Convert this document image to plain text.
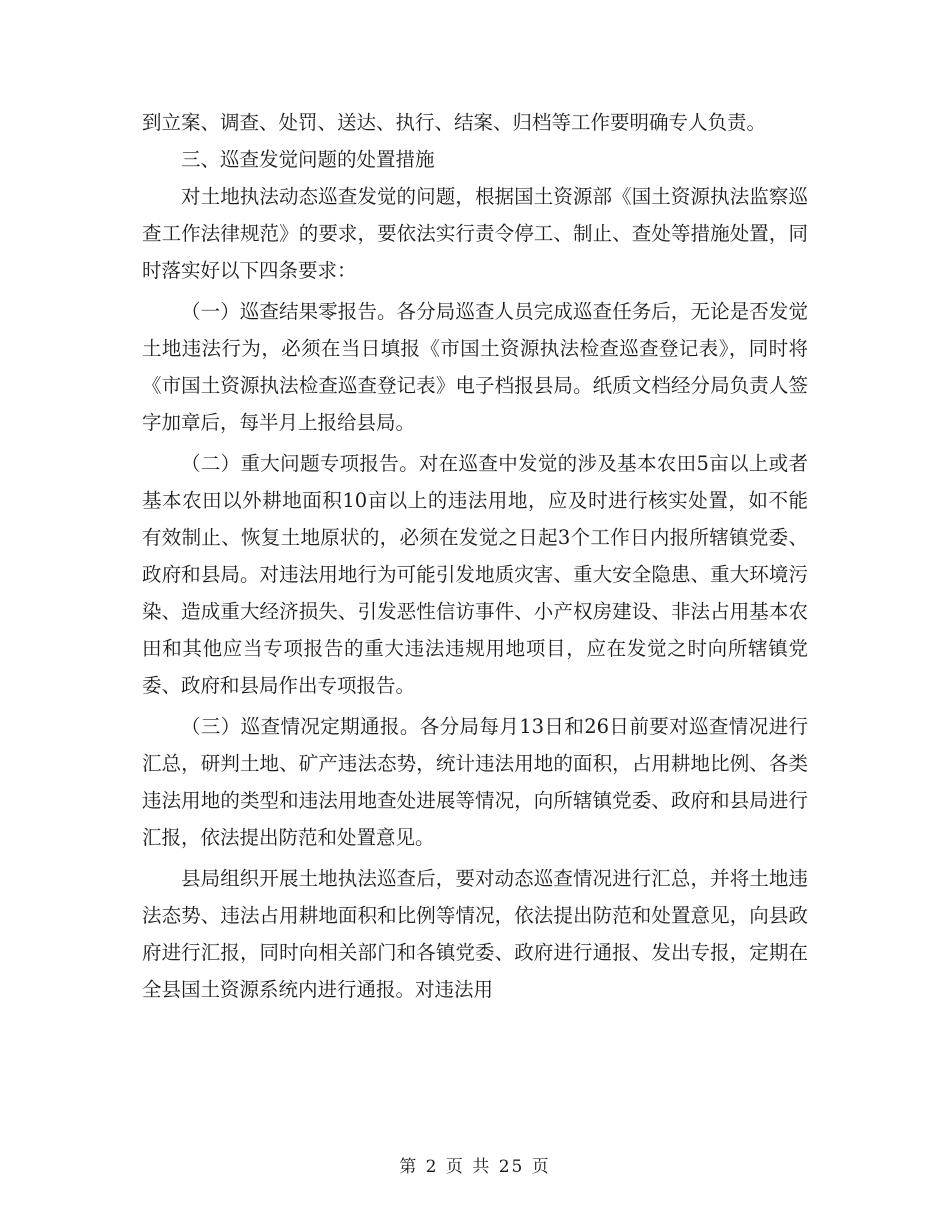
到立案、调查、处罚、送达、执行、结案、归档等工作要明确专人负责。

三、巡查发觉问题的处置措施

对土地执法动态巡查发觉的问题，根据国土资源部《国土资源执法监察巡查工作法律规范》的要求，要依法实行责令停工、制止、查处等措施处置，同时落实好以下四条要求：

（一）巡查结果零报告。各分局巡查人员完成巡查任务后，无论是否发觉土地违法行为，必须在当日填报《市国土资源执法检查巡查登记表》，同时将《市国土资源执法检查巡查登记表》电子档报县局。纸质文档经分局负责人签字加章后，每半月上报给县局。

（二）重大问题专项报告。对在巡查中发觉的涉及基本农田5亩以上或者基本农田以外耕地面积10亩以上的违法用地，应及时进行核实处置，如不能有效制止、恢复土地原状的，必须在发觉之日起3个工作日内报所辖镇党委、政府和县局。对违法用地行为可能引发地质灾害、重大安全隐患、重大环境污染、造成重大经济损失、引发恶性信访事件、小产权房建设、非法占用基本农田和其他应当专项报告的重大违法违规用地项目，应在发觉之时向所辖镇党委、政府和县局作出专项报告。

（三）巡查情况定期通报。各分局每月13日和26日前要对巡查情况进行汇总，研判土地、矿产违法态势，统计违法用地的面积，占用耕地比例、各类违法用地的类型和违法用地查处进展等情况，向所辖镇党委、政府和县局进行汇报，依法提出防范和处置意见。

县局组织开展土地执法巡查后，要对动态巡查情况进行汇总，并将土地违法态势、违法占用耕地面积和比例等情况，依法提出防范和处置意见，向县政府进行汇报，同时向相关部门和各镇党委、政府进行通报、发出专报，定期在全县国土资源系统内进行通报。对违法用

第 2 页 共 25 页
